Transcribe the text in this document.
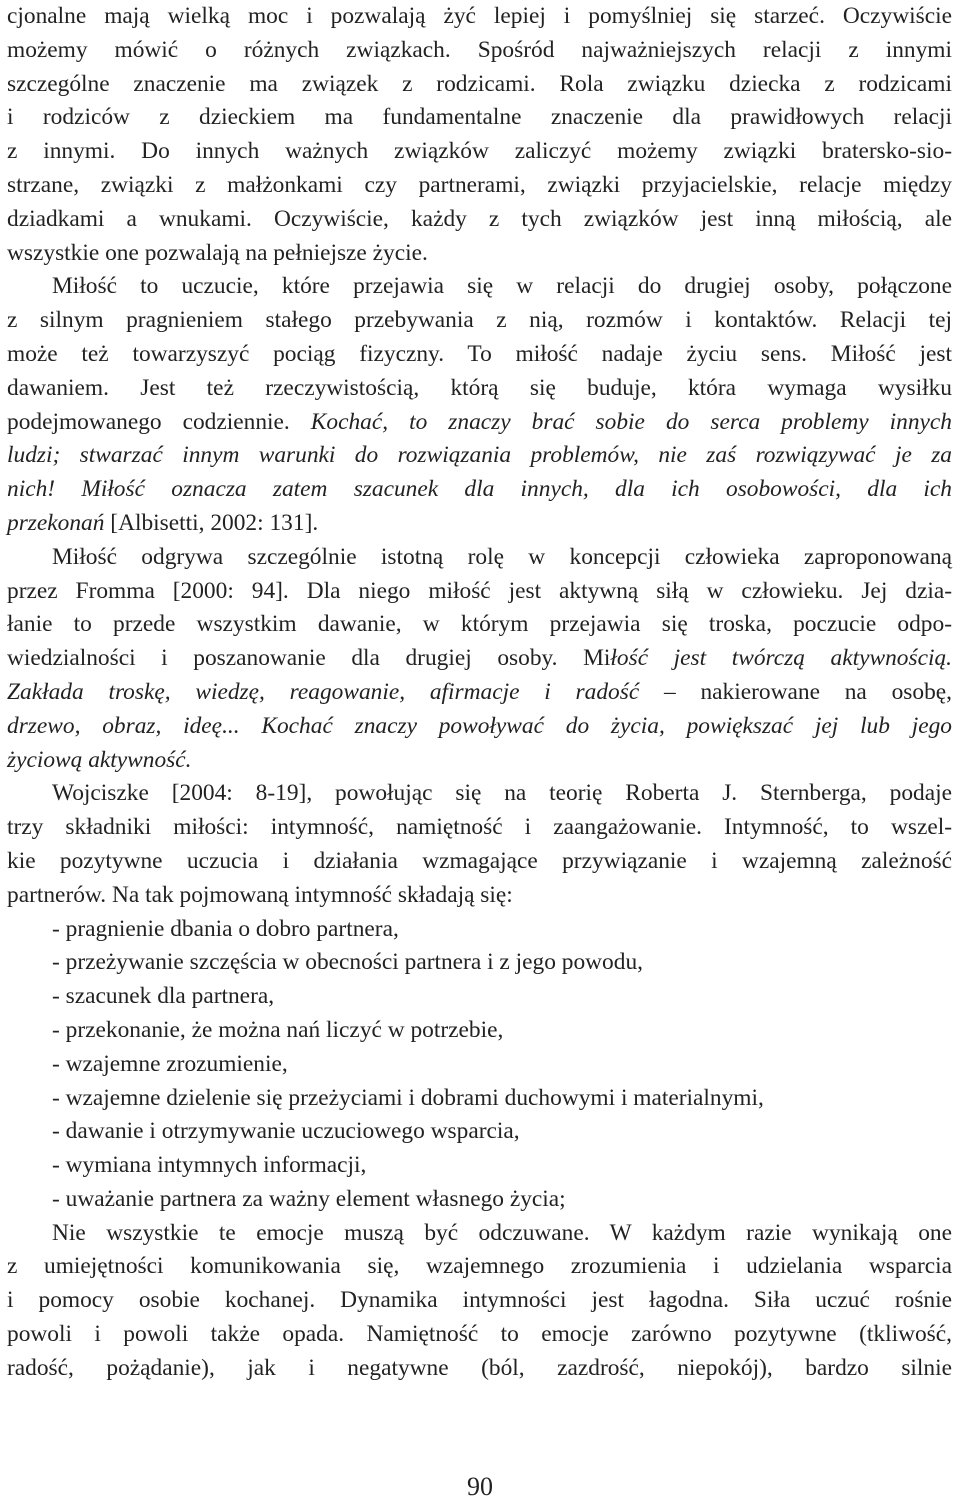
cjonalne mają wielką moc i pozwalają żyć lepiej i pomyślniej się starzeć. Oczywiście
możemy mówić o różnych związkach. Spośród najważniejszych relacji z innymi
szczególne znaczenie ma związek z rodzicami. Rola związku dziecka z rodzicami
i rodziców z dzieckiem ma fundamentalne znaczenie dla prawidłowych relacji
z innymi. Do innych ważnych związków zaliczyć możemy związki bratersko-sio-
strzane, związki z małżonkami czy partnerami, związki przyjacielskie, relacje między
dziadkami a wnukami. Oczywiście, każdy z tych związków jest inną miłością, ale
wszystkie one pozwalają na pełniejsze życie.
Miłość to uczucie, które przejawia się w relacji do drugiej osoby, połączone
z silnym pragnieniem stałego przebywania z nią, rozmów i kontaktów. Relacji tej
może też towarzyszyć pociąg fizyczny. To miłość nadaje życiu sens. Miłość jest
dawaniem. Jest też rzeczywistością, którą się buduje, która wymaga wysiłku
podejmowanego codziennie. Kochać, to znaczy brać sobie do serca problemy innych
ludzi; stwarzać innym warunki do rozwiązania problemów, nie zaś rozwiązywać je za
nich! Miłość oznacza zatem szacunek dla innych, dla ich osobowości, dla ich
przekonań [Albisetti, 2002: 131].
Miłość odgrywa szczególnie istotną rolę w koncepcji człowieka zaproponowaną
przez Fromma [2000: 94]. Dla niego miłość jest aktywną siłą w człowieku. Jej dzia-
łanie to przede wszystkim dawanie, w którym przejawia się troska, poczucie odpo-
wiedzialności i poszanowanie dla drugiej osoby. Miłość jest twórczą aktywnością.
Zakłada troskę, wiedzę, reagowanie, afirmacje i radość – nakierowane na osobę,
drzewo, obraz, ideę... Kochać znaczy powoływać do życia, powiększać jej lub jego
życiową aktywność.
Wojciszke [2004: 8-19], powołując się na teorię Roberta J. Sternberga, podaje
trzy składniki miłości: intymność, namiętność i zaangażowanie. Intymność, to wszel-
kie pozytywne uczucia i działania wzmagające przywiązanie i wzajemną zależność
partnerów. Na tak pojmowaną intymność składają się:
- pragnienie dbania o dobro partnera,
- przeżywanie szczęścia w obecności partnera i z jego powodu,
- szacunek dla partnera,
- przekonanie, że można nań liczyć w potrzebie,
- wzajemne zrozumienie,
- wzajemne dzielenie się przeżyciami i dobrami duchowymi i materialnymi,
- dawanie i otrzymywanie uczuciowego wsparcia,
- wymiana intymnych informacji,
- uważanie partnera za ważny element własnego życia;
Nie wszystkie te emocje muszą być odczuwane. W każdym razie wynikają one
z umiejętności komunikowania się, wzajemnego zrozumienia i udzielania wsparcia
i pomocy osobie kochanej. Dynamika intymności jest łagodna. Siła uczuć rośnie
powoli i powoli także opada. Namiętność to emocje zarówno pozytywne (tkliwość,
radość, pożądanie), jak i negatywne (ból, zazdrość, niepokój), bardzo silnie
90
